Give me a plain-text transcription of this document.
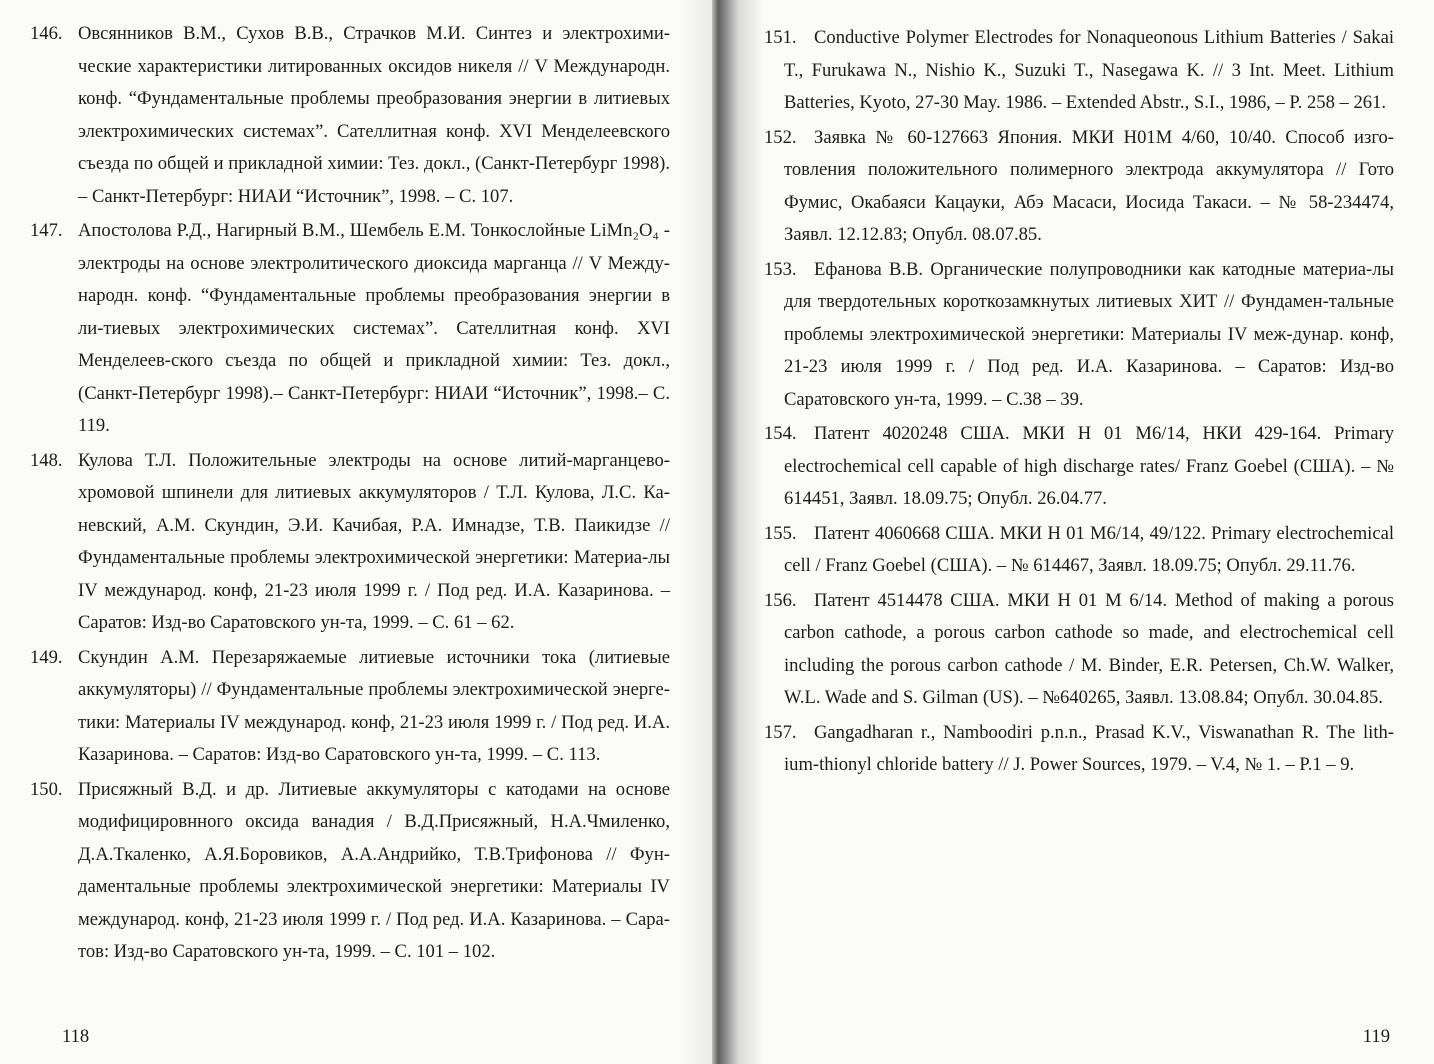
146. Овсянников В.М., Сухов В.В., Страчков М.И. Синтез и электрохими-ческие характеристики литированных оксидов никеля // V Международн. конф. “Фундаментальные проблемы преобразования энергии в литиевых электрохимических системах”. Сателлитная конф. XVI Менделеевского съезда по общей и прикладной химии: Тез. докл., (Санкт-Петербург 1998). – Санкт-Петербург: НИАИ “Источник”, 1998. – С. 107.
147. Апостолова Р.Д., Нагирный В.М., Шембель Е.М. Тонкослойные LiMn₂O₄ - электроды на основе электролитического диоксида марганца // V Между-народн. конф. “Фундаментальные проблемы преобразования энергии в ли-тиевых электрохимических системах”. Сателлитная конф. XVI Менделеев-ского съезда по общей и прикладной химии: Тез. докл., (Санкт-Петербург 1998).– Санкт-Петербург: НИАИ “Источник”, 1998.– С. 119.
148. Кулова Т.Л. Положительные электроды на основе литий-марганцево-хромовой шпинели для литиевых аккумуляторов / Т.Л. Кулова, Л.С. Ка-невский, А.М. Скундин, Э.И. Качибая, Р.А. Имнадзе, Т.В. Паикидзе // Фундаментальные проблемы электрохимической энергетики: Материа-лы IV международ. конф, 21-23 июля 1999 г. / Под ред. И.А. Казаринова. – Саратов: Изд-во Саратовского ун-та, 1999. – С. 61 – 62.
149. Скундин А.М. Перезаряжаемые литиевые источники тока (литиевые аккумуляторы) // Фундаментальные проблемы электрохимической энерге-тики: Материалы IV международ. конф, 21-23 июля 1999 г. / Под ред. И.А. Казаринова. – Саратов: Изд-во Саратовского ун-та, 1999. – С. 113.
150. Присяжный В.Д. и др. Литиевые аккумуляторы с катодами на основе модифицировнного оксида ванадия / В.Д.Присяжный, Н.А.Чмиленко, Д.А.Ткаленко, А.Я.Боровиков, А.А.Андрийко, Т.В.Трифонова // Фун-даментальные проблемы электрохимической энергетики: Материалы IV международ. конф, 21-23 июля 1999 г. / Под ред. И.А. Казаринова. – Сара-тов: Изд-во Саратовского ун-та, 1999. – С. 101 – 102.
118
151. Conductive Polymer Electrodes for Nonaqueonous Lithium Batteries / Sakai T., Furukawa N., Nishio K., Suzuki T., Nasegawa K. // 3 Int. Meet. Lithium Batteries, Kyoto, 27-30 May. 1986. – Extended Abstr., S.I., 1986, – P. 258 – 261.
152. Заявка № 60-127663 Япония. МКИ H01M 4/60, 10/40. Способ изго-товления положительного полимерного электрода аккумулятора // Гото Фумис, Окабаяси Кацауки, Абэ Масаси, Иосида Такаси. – № 58-234474, Заявл. 12.12.83; Опубл. 08.07.85.
153. Ефанова В.В. Органические полупроводники как катодные материа-лы для твердотельных короткозамкнутых литиевых ХИТ // Фундамен-тальные проблемы электрохимической энергетики: Материалы IV меж-дунар. конф, 21-23 июля 1999 г. / Под ред. И.А. Казаринова. – Саратов: Изд-во Саратовского ун-та, 1999. – С.38 – 39.
154. Патент 4020248 США. МКИ Н 01 М6/14, НКИ 429-164. Primary electrochemical cell capable of high discharge rates/ Franz Goebel (США). – № 614451, Заявл. 18.09.75; Опубл. 26.04.77.
155. Патент 4060668 США. МКИ Н 01 М6/14, 49/122. Primary electrochemical cell / Franz Goebel (США). – № 614467, Заявл. 18.09.75; Опубл. 29.11.76.
156. Патент 4514478 США. МКИ Н 01 М 6/14. Method of making a porous carbon cathode, a porous carbon cathode so made, and electrochemical cell including the porous carbon cathode / M. Binder, E.R. Petersen, Ch.W. Walker, W.L. Wade and S. Gilman (US). – №640265, Заявл. 13.08.84; Опубл. 30.04.85.
157. Gangadharan r., Namboodiri p.n.n., Prasad K.V., Viswanathan R. The lith-ium-thionyl chloride battery // J. Power Sources, 1979. – V.4, № 1. – P.1 – 9.
119
